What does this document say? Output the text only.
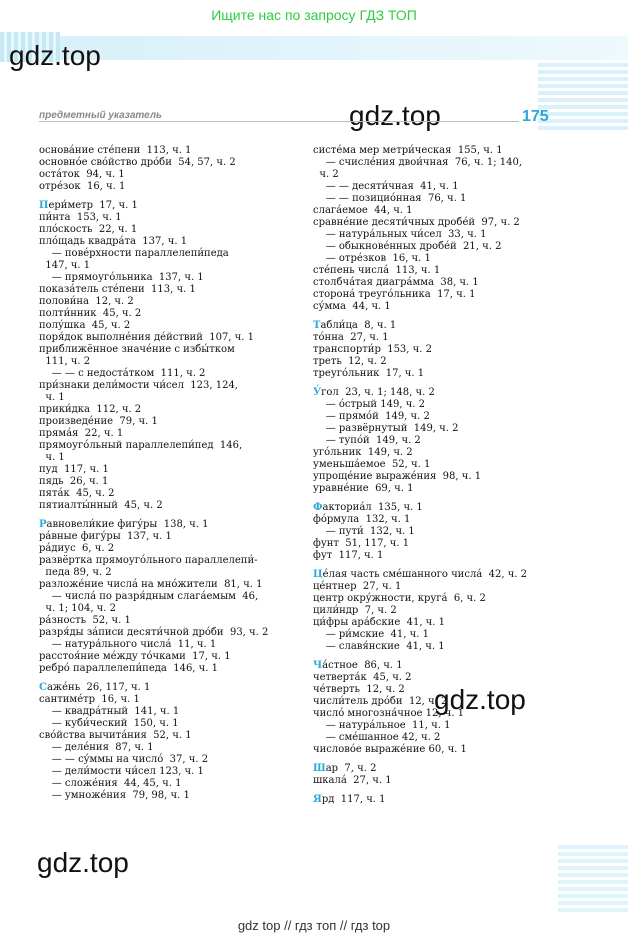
Ищите нас по запросу ГДЗ ТОП
gdz.top
gdz.top
предметный указатель	175
основáние стéпени  113, ч. 1
основнóе свóйство дрóби  54, 57, ч. 2
остáток  94, ч. 1
отрéзок  16, ч. 1
Пери́метр  17, ч. 1
пи́нта  153, ч. 1
плóскость  22, ч. 1
плóщадь квадрáта  137, ч. 1
— повéрхности параллелепи́педа
147, ч. 1
— прямоугóльника  137, ч. 1
показáтель стéпени  113, ч. 1
полови́на  12, ч. 2
полти́нник  45, ч. 2
полу́шка  45, ч. 2
поря́док выполнéния дéйствий  107, ч. 1
приближённое значéние с избы́тком
111, ч. 2
— — с недостáтком  111, ч. 2
при́знаки дели́мости чи́сел  123, 124,
ч. 1
прики́дка  112, ч. 2
произведéние  79, ч. 1
прямáя  22, ч. 1
прямоугóльный параллелепи́пед  146,
ч. 1
пуд  117, ч. 1
пядь  26, ч. 1
пятáк  45, ч. 2
пятиалты́нный  45, ч. 2
Равновели́кие фигу́ры  138, ч. 1
рáвные фигу́ры  137, ч. 1
рáдиус  6, ч. 2
развёртка прямоугóльного параллелепи́-
педа 89, ч. 2
разложéние числá на мнóжители  81, ч. 1
— числá по разря́дным слагáемым  46,
ч. 1; 104, ч. 2
рáзность  52, ч. 1
разря́ды зáписи десяти́чной дрóби  93, ч. 2
— натурáльного числá  11, ч. 1
расстоя́ние мéжду тóчками  17, ч. 1
ребрó параллелепи́педа  146, ч. 1
Сажéнь  26, 117, ч. 1
сантимéтр  16, ч. 1
— квадрáтный  141, ч. 1
— куби́ческий  150, ч. 1
свóйства вычитáния  52, ч. 1
— делéния  87, ч. 1
— — су́ммы на числó  37, ч. 2
— дели́мости чи́сел 123, ч. 1
— сложéния  44, 45, ч. 1
— умножéния  79, 98, ч. 1
систéма мер метри́ческая  155, ч. 1
— счислéния двои́чная  76, ч. 1; 140,
ч. 2
— — десяти́чная  41, ч. 1
— — позициóнная  76, ч. 1
слагáемое  44, ч. 1
сравнéние десяти́чных дробéй  97, ч. 2
— натурáльных чи́сел  33, ч. 1
— обыкновéнных дробéй  21, ч. 2
— отрéзков  16, ч. 1
стéпень числá  113, ч. 1
столбчáтая диагрáмма  38, ч. 1
сторонá треугóльника  17, ч. 1
су́мма  44, ч. 1
Табли́ца  8, ч. 1
тóнна  27, ч. 1
транспорти́р  153, ч. 2
треть  12, ч. 2
треугóльник  17, ч. 1
У́гол  23, ч. 1; 148, ч. 2
— óстрый 149, ч. 2
— прямóй  149, ч. 2
— развёрнутый  149, ч. 2
— тупóй  149, ч. 2
угóльник  149, ч. 2
уменьшáемое  52, ч. 1
упрощéние выражéния  98, ч. 1
уравнéние  69, ч. 1
Факториáл  135, ч. 1
фóрмула  132, ч. 1
— пути́  132, ч. 1
фунт  51, 117, ч. 1
фут  117, ч. 1
Цéлая часть смéшанного числá  42, ч. 2
цéнтнер  27, ч. 1
центр окру́жности, кругá  6, ч. 2
цили́ндр  7, ч. 2
ци́фры арáбские  41, ч. 1
— ри́мские  41, ч. 1
— славя́нские  41, ч. 1
Чáстное  86, ч. 1
четвертáк  45, ч. 2
чéтверть  12, ч. 2
числи́тель дрóби  12, ч. 2
числó многознáчное 12, ч. 1
— натурáльное  11, ч. 1
— смéшанное 42, ч. 2
числовóе выражéние 60, ч. 1
Шар  7, ч. 2
шкалá  27, ч. 1
Ярд  117, ч. 1
gdz.top
gdz.top
gdz top // гдз топ // гдз top
